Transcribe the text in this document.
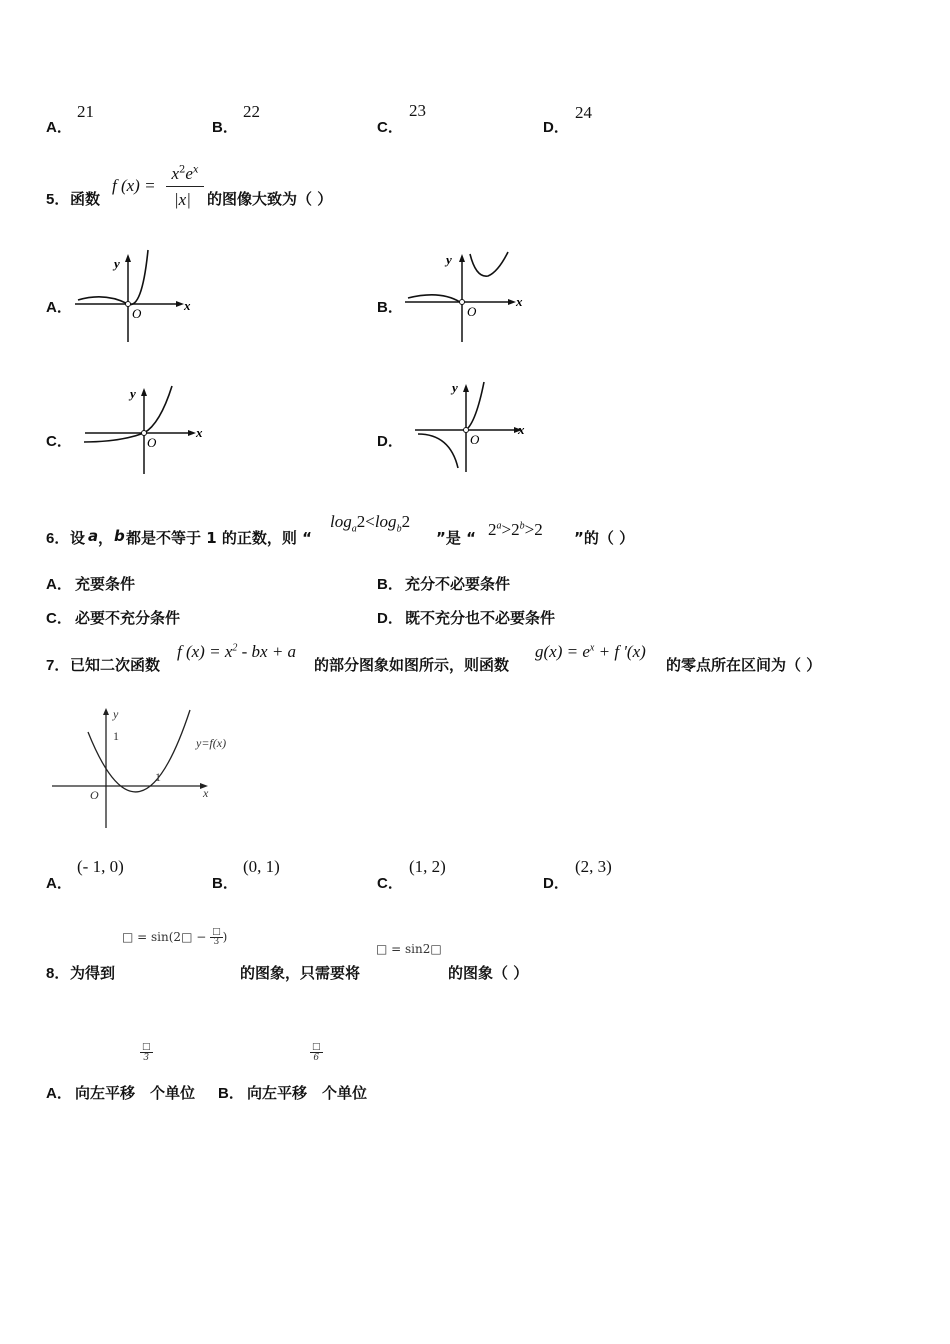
A．
21
B．
22
C．
23
D．
24
5． 函数
f (x) =
$x^2e^x$
|x| 的图像大致为（ ）
A．	B．
C．	D．
y
O
x
y
O
x
y
O
x
y
O
x
6． 设 a ， b 都是不等于 1 的正数，则 “
$\log_a2<\log_b2$
”是 “ $2^a>2^b>2$ ”的（ ）
A． 充要条件	B． 充分不必要条件
C． 必要不充分条件	D． 既不充分也不必要条件
7． 已知二次函数
f $(x) = x^2$ - bx + a
的部分图象如图所示，则函数
$g(x) = e^x + f$ '(x)
的零点所在区间为（ ）
y
1	y=f(x)
1
O	x
A．
(- 1, 0)
B．
(0, 1)
C．
(1, 2)
D．
(2, 3)
□ = sin(2□ − $\frac{□}{3}$ )
□ = sin2□
8． 为得到	的图象，只需要将	的图象（ ）
$\frac{□}{3}$	$\frac{□}{6}$
A． 向左平移 个单位 B． 向左平移 个单位
